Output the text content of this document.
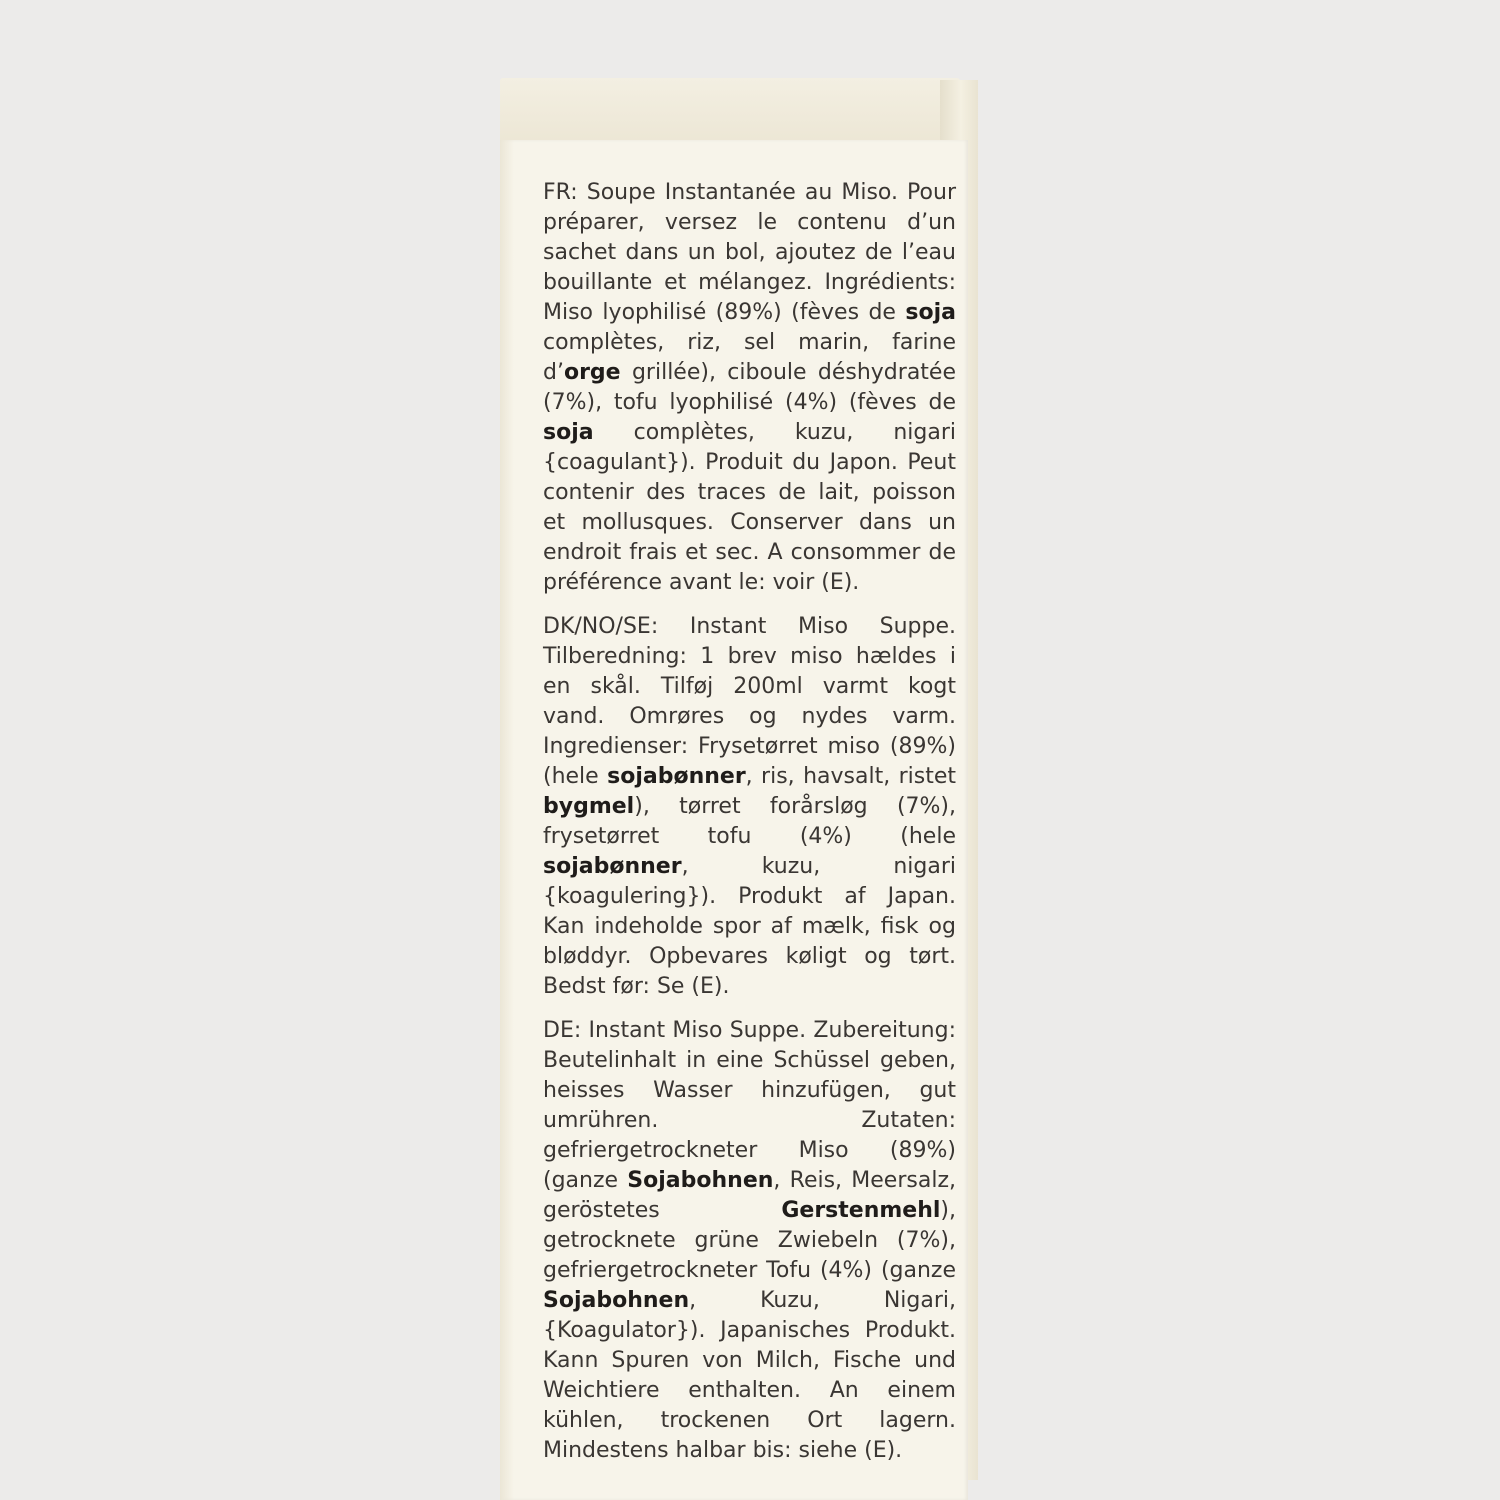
FR: Soupe Instantanée au Miso. Pour préparer, versez le contenu d’un sachet dans un bol, ajoutez de l’eau bouillante et mélangez. Ingrédients: Miso lyophilisé (89%) (fèves de soja complètes, riz, sel marin, farine d’orge grillée), ciboule déshydratée (7%), tofu lyophilisé (4%) (fèves de soja complètes, kuzu, nigari {coagulant}). Produit du Japon. Peut contenir des traces de lait, poisson et mollusques. Conserver dans un endroit frais et sec. A consommer de préférence avant le: voir (E).

DK/NO/SE: Instant Miso Suppe. Tilberedning: 1 brev miso hældes i en skål. Tilføj 200ml varmt kogt vand. Omrøres og nydes varm. Ingredienser: Frysetørret miso (89%) (hele sojabønner, ris, havsalt, ristet bygmel), tørret forårsløg (7%), frysetørret tofu (4%) (hele sojabønner, kuzu, nigari {koagulering}). Produkt af Japan. Kan indeholde spor af mælk, fisk og bløddyr. Opbevares køligt og tørt. Bedst før: Se (E).

DE: Instant Miso Suppe. Zubereitung: Beutelinhalt in eine Schüssel geben, heisses Wasser hinzufügen, gut umrühren. Zutaten: gefriergetrockneter Miso (89%) (ganze Sojabohnen, Reis, Meersalz, geröstetes Gerstenmehl), getrocknete grüne Zwiebeln (7%), gefriergetrockneter Tofu (4%) (ganze Sojabohnen, Kuzu, Nigari, {Koagulator}). Japanisches Produkt. Kann Spuren von Milch, Fische und Weichtiere enthalten. An einem kühlen, trockenen Ort lagern. Mindestens halbar bis: siehe (E).
